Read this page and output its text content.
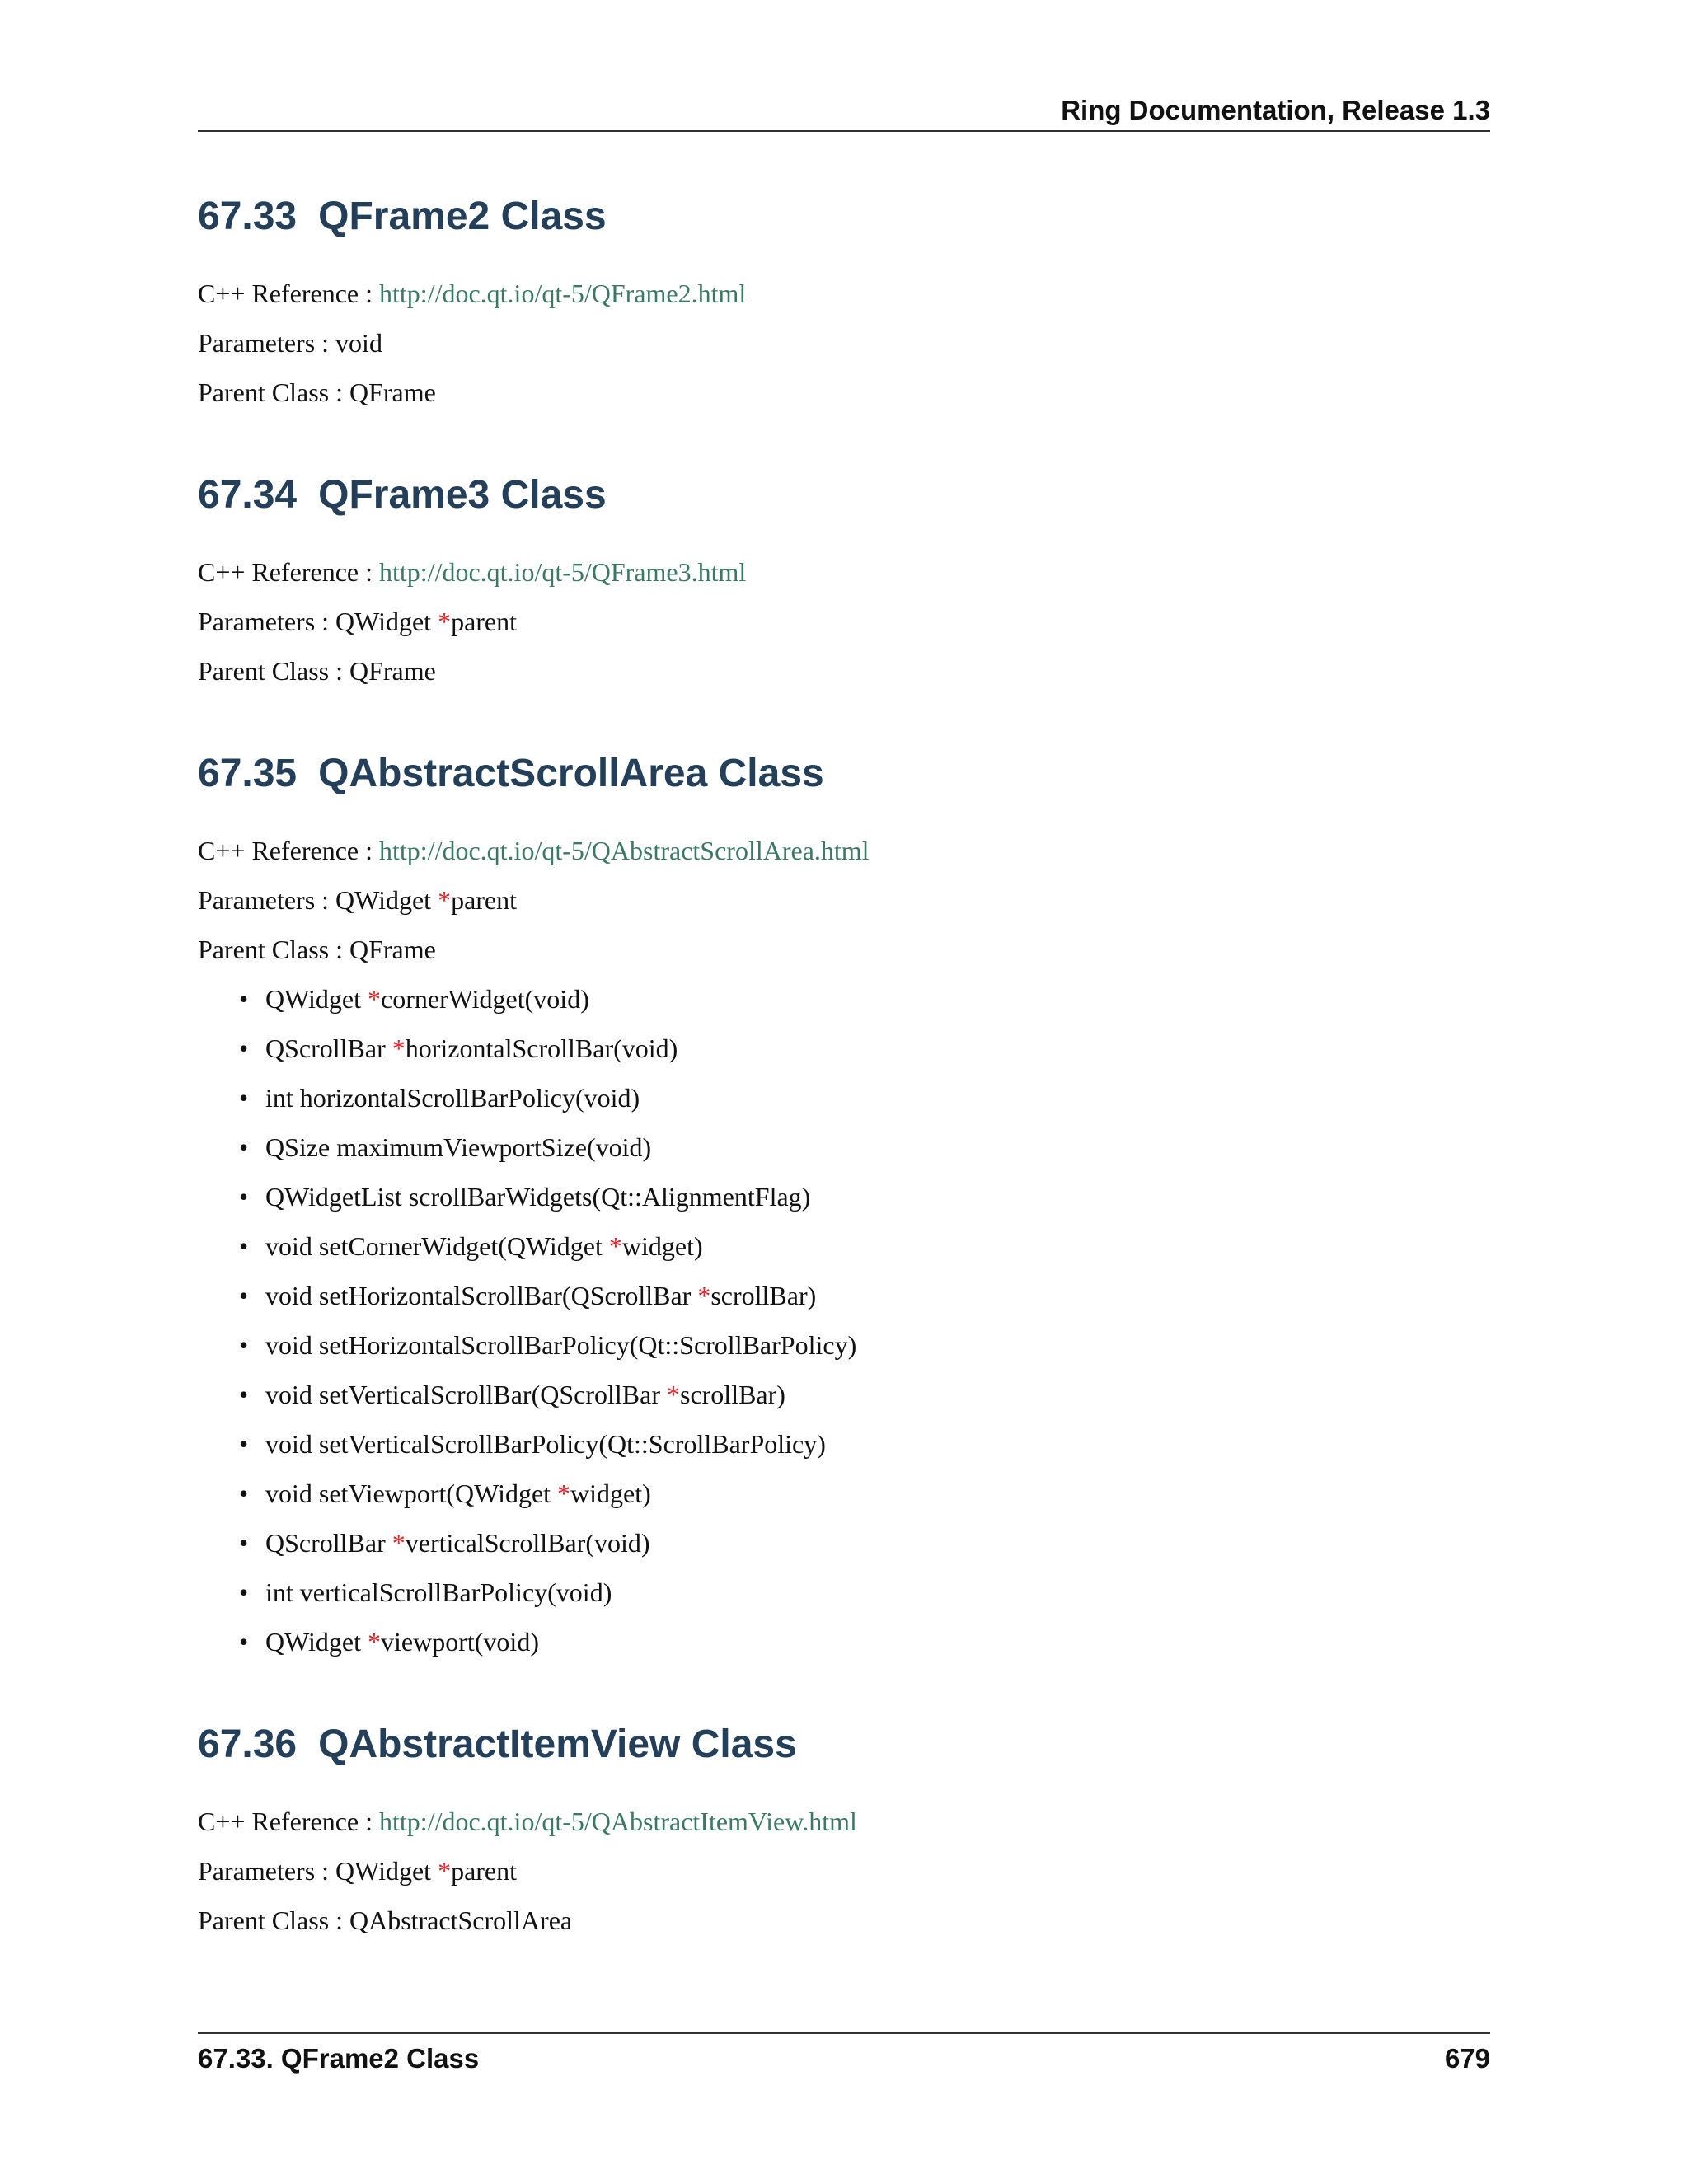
Ring Documentation, Release 1.3
67.33 QFrame2 Class
C++ Reference : http://doc.qt.io/qt-5/QFrame2.html
Parameters : void
Parent Class : QFrame
67.34 QFrame3 Class
C++ Reference : http://doc.qt.io/qt-5/QFrame3.html
Parameters : QWidget *parent
Parent Class : QFrame
67.35 QAbstractScrollArea Class
C++ Reference : http://doc.qt.io/qt-5/QAbstractScrollArea.html
Parameters : QWidget *parent
Parent Class : QFrame
• QWidget *cornerWidget(void)
• QScrollBar *horizontalScrollBar(void)
• int horizontalScrollBarPolicy(void)
• QSize maximumViewportSize(void)
• QWidgetList scrollBarWidgets(Qt::AlignmentFlag)
• void setCornerWidget(QWidget *widget)
• void setHorizontalScrollBar(QScrollBar *scrollBar)
• void setHorizontalScrollBarPolicy(Qt::ScrollBarPolicy)
• void setVerticalScrollBar(QScrollBar *scrollBar)
• void setVerticalScrollBarPolicy(Qt::ScrollBarPolicy)
• void setViewport(QWidget *widget)
• QScrollBar *verticalScrollBar(void)
• int verticalScrollBarPolicy(void)
• QWidget *viewport(void)
67.36 QAbstractItemView Class
C++ Reference : http://doc.qt.io/qt-5/QAbstractItemView.html
Parameters : QWidget *parent
Parent Class : QAbstractScrollArea
67.33. QFrame2 Class	679
